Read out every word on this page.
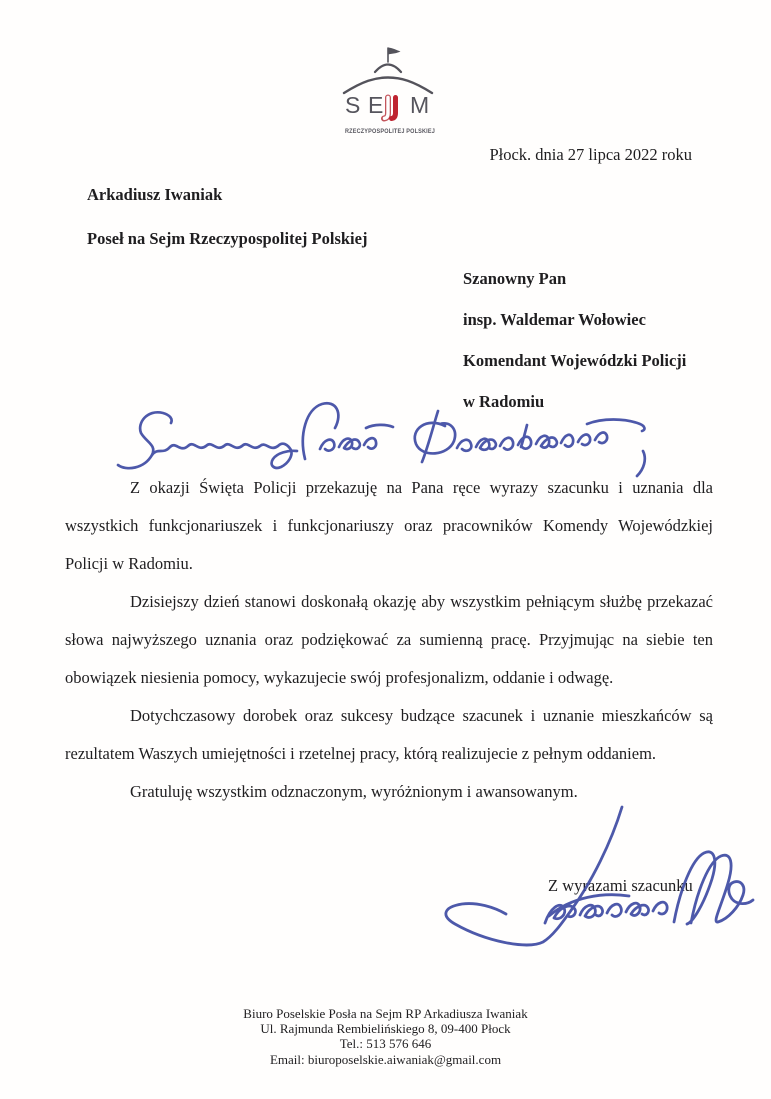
S E M
RZECZYPOSPOLITEJ POLSKIEJ
Płock. dnia 27 lipca 2022 roku
Arkadiusz Iwaniak
Poseł na Sejm Rzeczypospolitej Polskiej
Szanowny Pan
insp. Waldemar Wołowiec
Komendant Wojewódzki Policji
w Radomiu
Z okazji Święta Policji przekazuję na Pana ręce wyrazy szacunku i uznania dla
wszystkich funkcjonariuszek i funkcjonariuszy oraz pracowników Komendy Wojewódzkiej
Policji w Radomiu.
Dzisiejszy dzień stanowi doskonałą okazję aby wszystkim pełniącym służbę przekazać
słowa najwyższego uznania oraz podziękować za sumienną pracę. Przyjmując na siebie ten
obowiązek niesienia pomocy, wykazujecie swój profesjonalizm, oddanie i odwagę.
Dotychczasowy dorobek oraz sukcesy budzące szacunek i uznanie mieszkańców są
rezultatem Waszych umiejętności i rzetelnej pracy, którą realizujecie z pełnym oddaniem.
Gratuluję wszystkim odznaczonym, wyróżnionym i awansowanym.
Z wyrazami szacunku
Biuro Poselskie Posła na Sejm RP Arkadiusza Iwaniak
Ul. Rajmunda Rembielińskiego 8, 09-400 Płock
Tel.: 513 576 646
Email: biuroposelskie.aiwaniak@gmail.com
